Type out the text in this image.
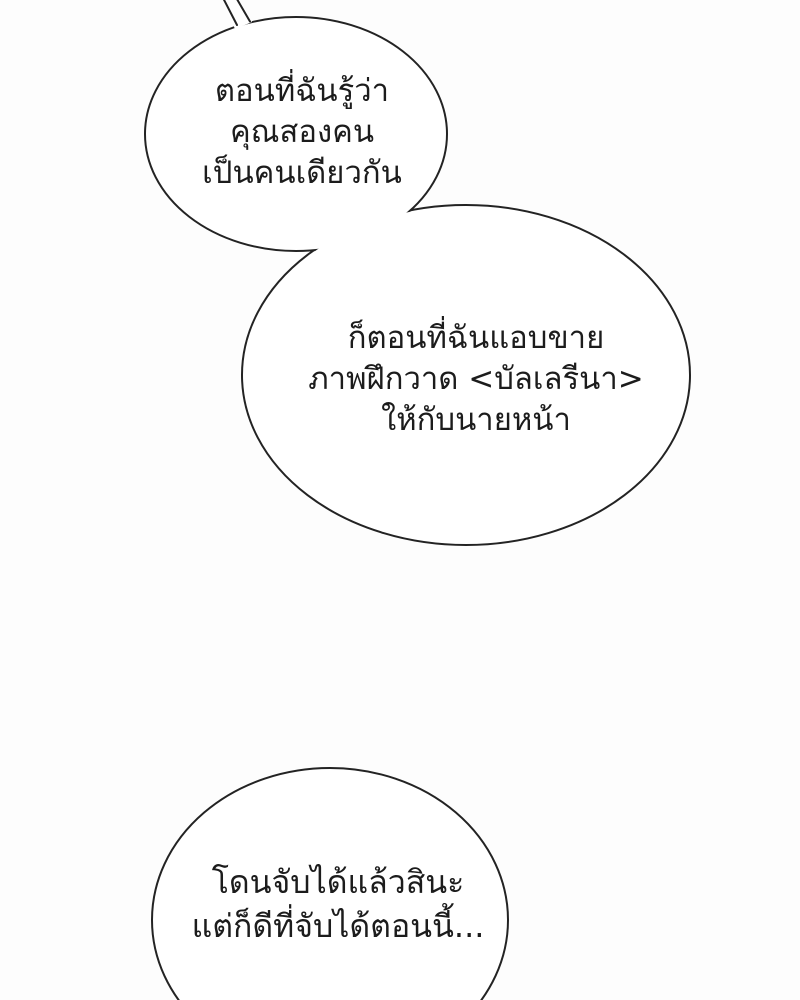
ตอนที่ฉันรู้ว่า
คุณสองคน
เป็นคนเดียวกัน
ก็ตอนที่ฉันแอบขาย
ภาพฝึกวาด <บัลเลรีนา>
ให้กับนายหน้า
โดนจับได้แล้วสินะ
แต่ก็ดีที่จับได้ตอนนี้...
